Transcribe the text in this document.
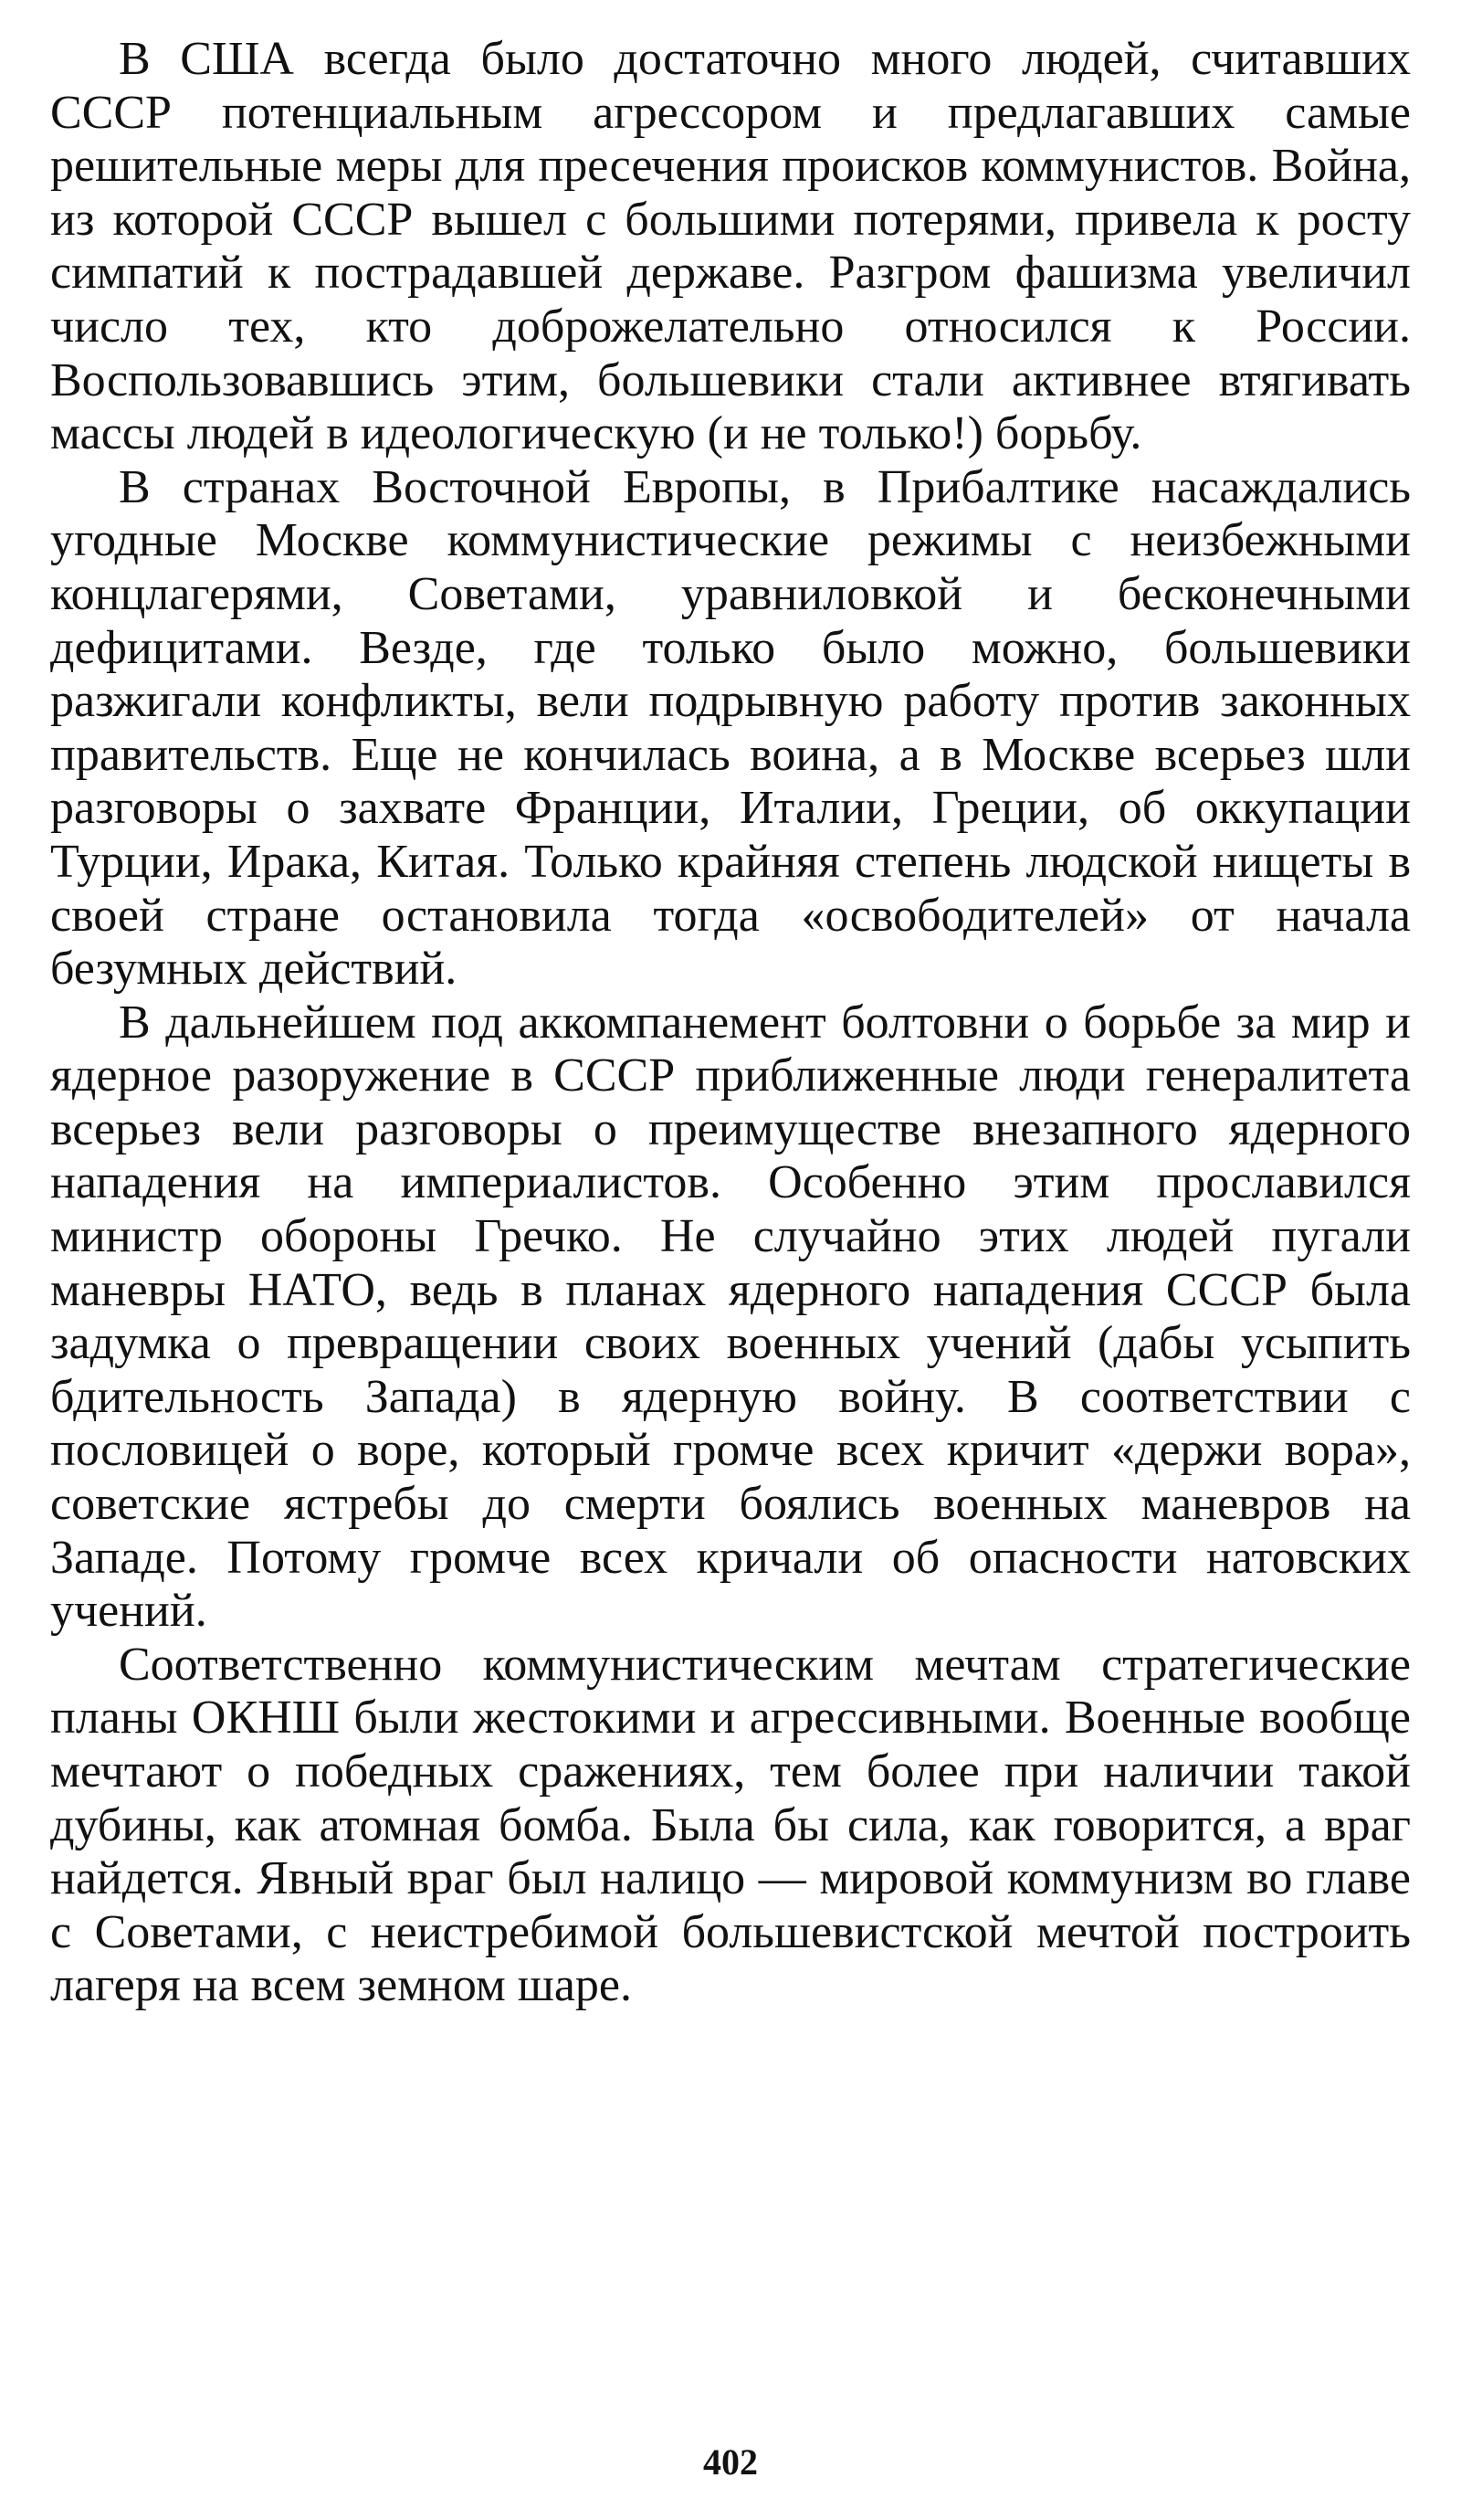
В США всегда было достаточно много людей, считавших СССР потенциальным агрессором и предлагавших самые решительные меры для пресечения происков коммунистов. Война, из которой СССР вышел с большими потерями, привела к росту симпатий к пострадавшей державе. Разгром фашизма увеличил число тех, кто доброжелательно относился к России. Воспользовавшись этим, большевики стали активнее втягивать массы людей в идеологическую (и не только!) борьбу.

В странах Восточной Европы, в Прибалтике насаждались угодные Москве коммунистические режимы с неизбежными концлагерями, Советами, уравниловкой и бесконечными дефицитами. Везде, где только было можно, большевики разжигали конфликты, вели подрывную работу против законных правительств. Еще не кончилась воина, а в Москве всерьез шли разговоры о захвате Франции, Италии, Греции, об оккупации Турции, Ирака, Китая. Только крайняя степень людской нищеты в своей стране остановила тогда «освободителей» от начала безумных действий.

В дальнейшем под аккомпанемент болтовни о борьбе за мир и ядерное разоружение в СССР приближенные люди генералитета всерьез вели разговоры о преимуществе внезапного ядерного нападения на империалистов. Особенно этим прославился министр обороны Гречко. Не случайно этих людей пугали маневры НАТО, ведь в планах ядерного нападения СССР была задумка о превращении своих военных учений (дабы усыпить бдительность Запада) в ядерную войну. В соответствии с пословицей о воре, который громче всех кричит «держи вора», советские ястребы до смерти боялись военных маневров на Западе. Потому громче всех кричали об опасности натовских учений.

Соответственно коммунистическим мечтам стратегические планы ОКНШ были жестокими и агрессивными. Военные вообще мечтают о победных сражениях, тем более при наличии такой дубины, как атомная бомба. Была бы сила, как говорится, а враг найдется. Явный враг был налицо — мировой коммунизм во главе с Советами, с неистребимой большевистской мечтой построить лагеря на всем земном шаре.

402
